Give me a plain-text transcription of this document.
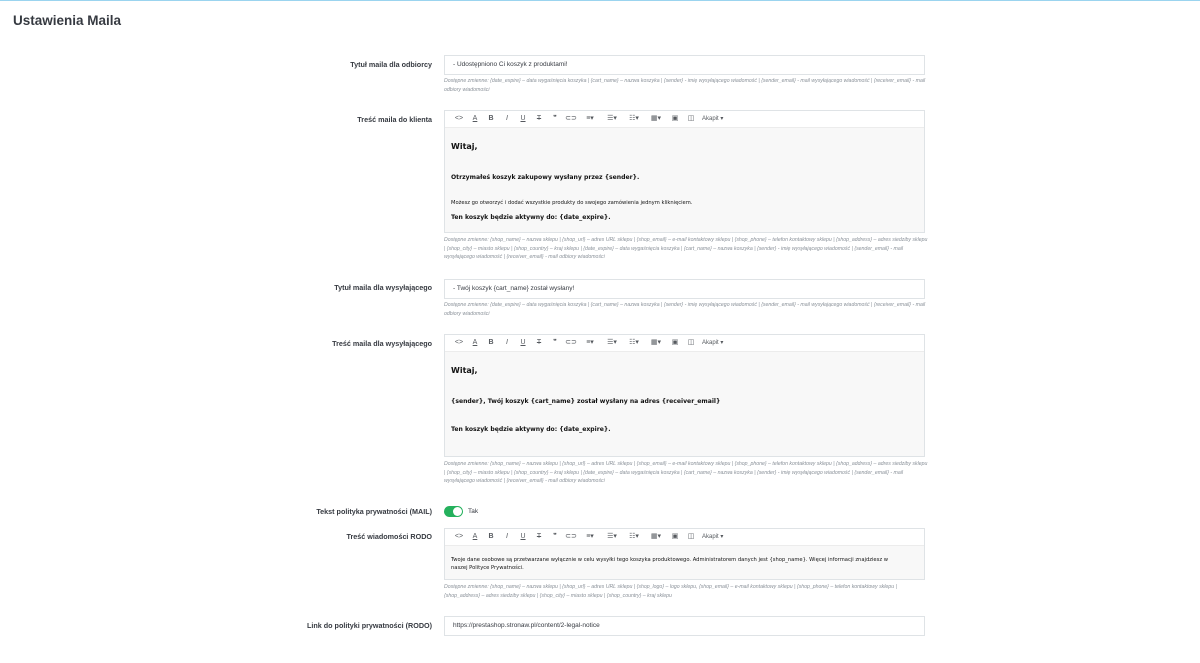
Ustawienia Maila
Tytuł maila dla odbiorcy	- Udostępniono Ci koszyk z produktami!
Dostępne zmienne: {date_expire} – data wygaśnięcia koszyka | {cart_name} – nazwa koszyka | {sender} - imię wysyłającego wiadomość | {sender_email} - mail wysyłającego wiadomość | {receiver_email} - mail odbiory wiadomości
Treść maila do klienta	<>	A	B	I	U	T	❞	⊂⊃	≡▾	☰▾	☷▾	▦▾	▣	◫	Akapit ▾
Witaj,
Otrzymałeś koszyk zakupowy wysłany przez {sender}.
Możesz go otworzyć i dodać wszystkie produkty do swojego zamówienia jednym kliknięciem.
Ten koszyk będzie aktywny do: {date_expire}.
Dostępne zmienne: {shop_name} – nazwa sklepu | {shop_url} – adres URL sklepu | {shop_email} – e-mail kontaktowy sklepu | {shop_phone} – telefon kontaktowy sklepu | {shop_address} – adres siedziby sklepu | {shop_city} – miasto sklepu | {shop_country} – kraj sklepu | {date_expire} – data wygaśnięcia koszyka | {cart_name} – nazwa koszyka | {sender} - imię wysyłającego wiadomość | {sender_email} - mail wysyłającego wiadomość | {receiver_email} - mail odbiory wiadomości
Tytuł maila dla wysyłającego	- Twój koszyk {cart_name} został wysłany!
Dostępne zmienne: {date_expire} – data wygaśnięcia koszyka | {cart_name} – nazwa koszyka | {sender} - imię wysyłającego wiadomość | {sender_email} - mail wysyłającego wiadomość | {receiver_email} - mail odbiory wiadomości
Treść maila dla wysyłającego	<>	A	B	I	U	T	❞	⊂⊃	≡▾	☰▾	☷▾	▦▾	▣	◫	Akapit ▾
Witaj,
{sender}, Twój koszyk {cart_name} został wysłany na adres {receiver_email}
Ten koszyk będzie aktywny do: {date_expire}.
Dostępne zmienne: {shop_name} – nazwa sklepu | {shop_url} – adres URL sklepu | {shop_email} – e-mail kontaktowy sklepu | {shop_phone} – telefon kontaktowy sklepu | {shop_address} – adres siedziby sklepu | {shop_city} – miasto sklepu | {shop_country} – kraj sklepu | {date_expire} – data wygaśnięcia koszyka | {cart_name} – nazwa koszyka | {sender} - imię wysyłającego wiadomość | {sender_email} - mail wysyłającego wiadomość | {receiver_email} - mail odbiory wiadomości
Tekst polityka prywatności (MAIL)	Tak
Treść wiadomości RODO	<>	A	B	I	U	T	❞	⊂⊃	≡▾	☰▾	☷▾	▦▾	▣	◫	Akapit ▾
Twoje dane osobowe są przetwarzane wyłącznie w celu wysyłki tego koszyka produktowego. Administratorem danych jest {shop_name}. Więcej informacji znajdziesz w naszej Polityce Prywatności.
Dostępne zmienne: {shop_name} – nazwa sklepu | {shop_url} – adres URL sklepu | {shop_logo} – logo sklepu, {shop_email} – e-mail kontaktowy sklepu | {shop_phone} – telefon kontaktowy sklepu | {shop_address} – adres siedziby sklepu | {shop_city} – miasto sklepu | {shop_country} – kraj sklepu
Link do polityki prywatności (RODO)	https://prestashop.stronaw.pl/content/2-legal-notice
